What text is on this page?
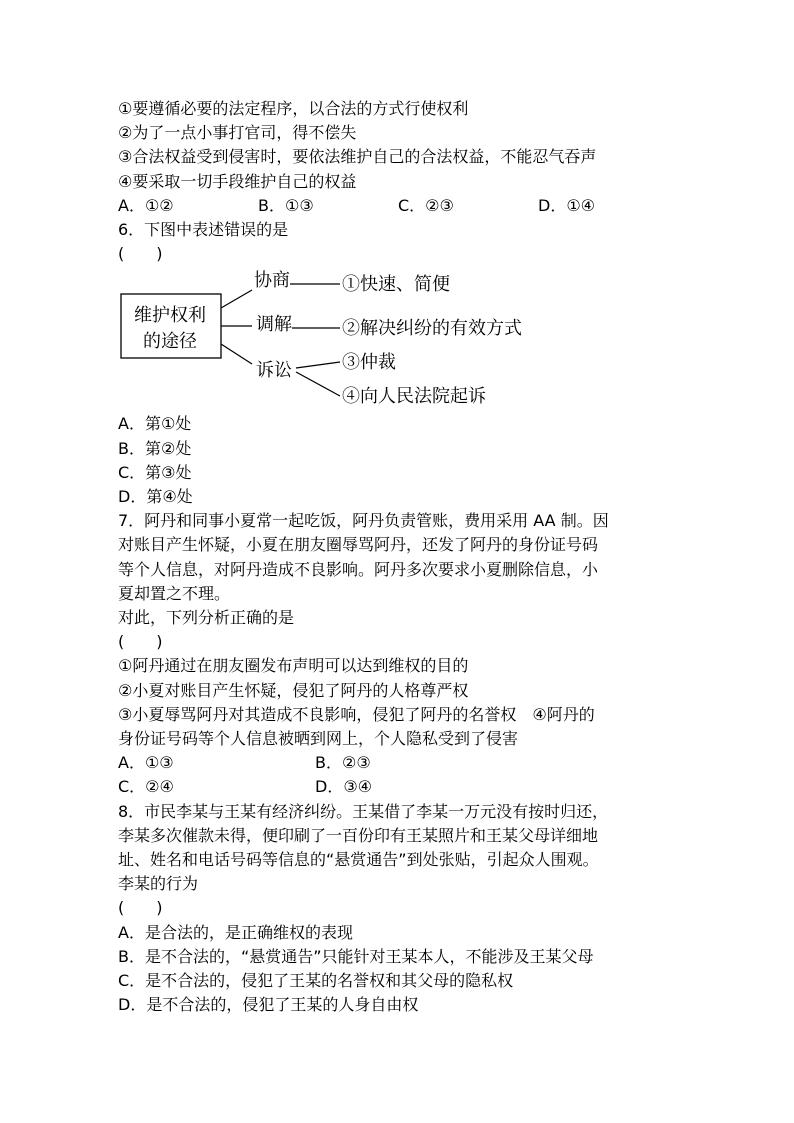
①要遵循必要的法定程序，以合法的方式行使权利
②为了一点小事打官司，得不偿失
③合法权益受到侵害时，要依法维护自己的合法权益，不能忍气吞声
④要采取一切手段维护自己的权益
A．①②	B．①③	C．②③	D．①④
6．下图中表述错误的是
(　　)
维护权利
的途径
协商
调解
诉讼
①快速、简便
②解决纠纷的有效方式
③仲裁
④向人民法院起诉
A．第①处
B．第②处
C．第③处
D．第④处
7．阿丹和同事小夏常一起吃饭，阿丹负责管账，费用采用 AA 制。因
对账目产生怀疑，小夏在朋友圈辱骂阿丹，还发了阿丹的身份证号码
等个人信息，对阿丹造成不良影响。阿丹多次要求小夏删除信息，小
夏却置之不理。
对此，下列分析正确的是
(　　)
①阿丹通过在朋友圈发布声明可以达到维权的目的
②小夏对账目产生怀疑，侵犯了阿丹的人格尊严权
③小夏辱骂阿丹对其造成不良影响，侵犯了阿丹的名誉权　④阿丹的
身份证号码等个人信息被晒到网上，个人隐私受到了侵害
A．①③	B．②③
C．②④	D．③④
8．市民李某与王某有经济纠纷。王某借了李某一万元没有按时归还，
李某多次催款未得，便印刷了一百份印有王某照片和王某父母详细地
址、姓名和电话号码等信息的“悬赏通告”到处张贴，引起众人围观。
李某的行为
(　　)
A．是合法的，是正确维权的表现
B．是不合法的，“悬赏通告”只能针对王某本人，不能涉及王某父母
C．是不合法的，侵犯了王某的名誉权和其父母的隐私权
D．是不合法的，侵犯了王某的人身自由权
